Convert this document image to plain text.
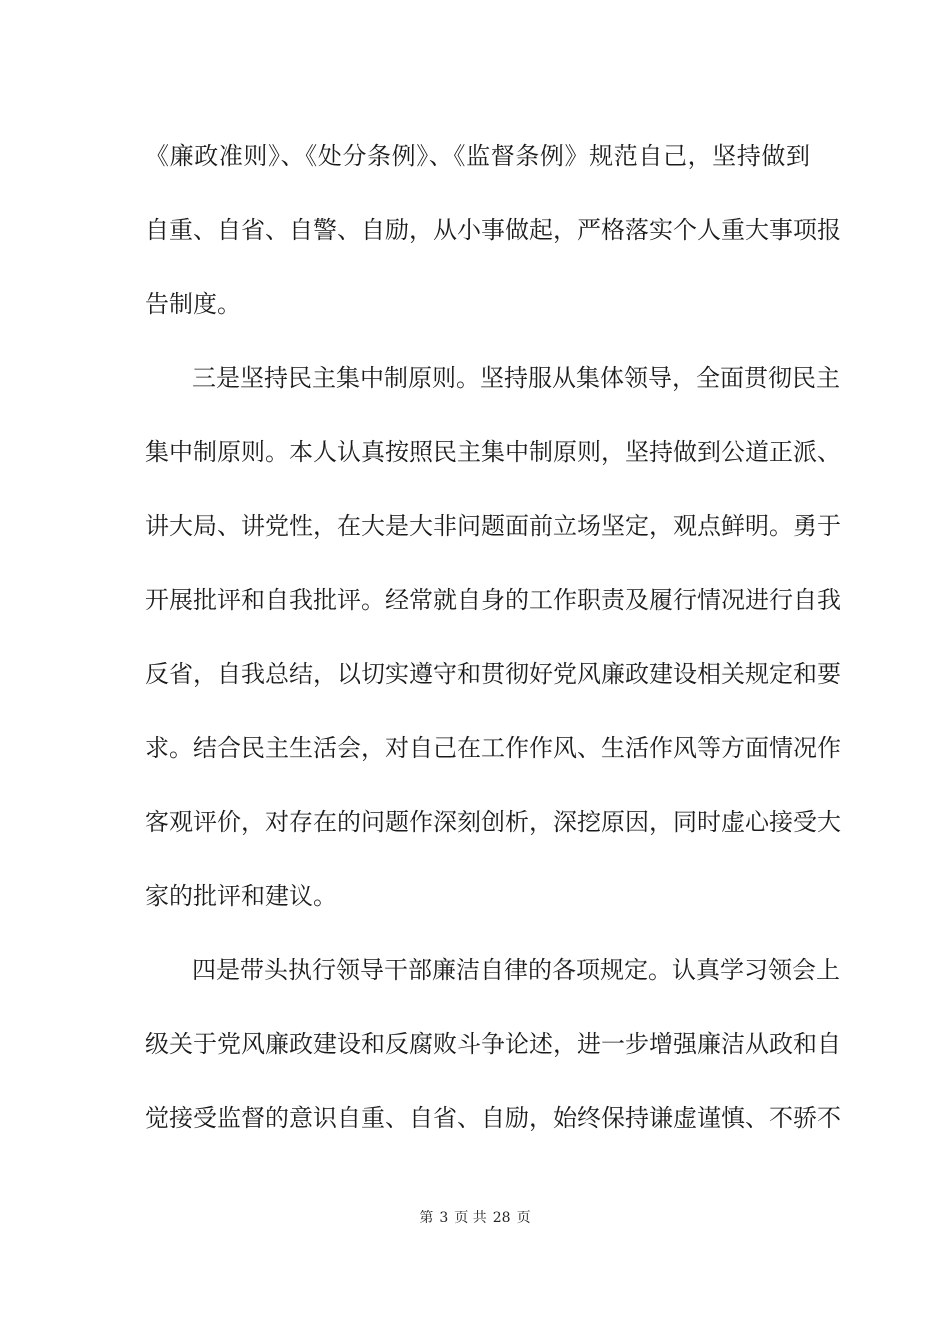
《廉政准则》、《处分条例》、《监督条例》规范自己，坚持做到
自重、自省、自警、自励，从小事做起，严格落实个人重大事项报
告制度。
三是坚持民主集中制原则。坚持服从集体领导，全面贯彻民主
集中制原则。本人认真按照民主集中制原则，坚持做到公道正派、
讲大局、讲党性，在大是大非问题面前立场坚定，观点鲜明。勇于
开展批评和自我批评。经常就自身的工作职责及履行情况进行自我
反省，自我总结，以切实遵守和贯彻好党风廉政建设相关规定和要
求。结合民主生活会，对自己在工作作风、生活作风等方面情况作
客观评价，对存在的问题作深刻创析，深挖原因，同时虚心接受大
家的批评和建议。
四是带头执行领导干部廉洁自律的各项规定。认真学习领会上
级关于党风廉政建设和反腐败斗争论述，进一步增强廉洁从政和自
觉接受监督的意识自重、自省、自励，始终保持谦虚谨慎、不骄不
第 3 页 共 28 页
